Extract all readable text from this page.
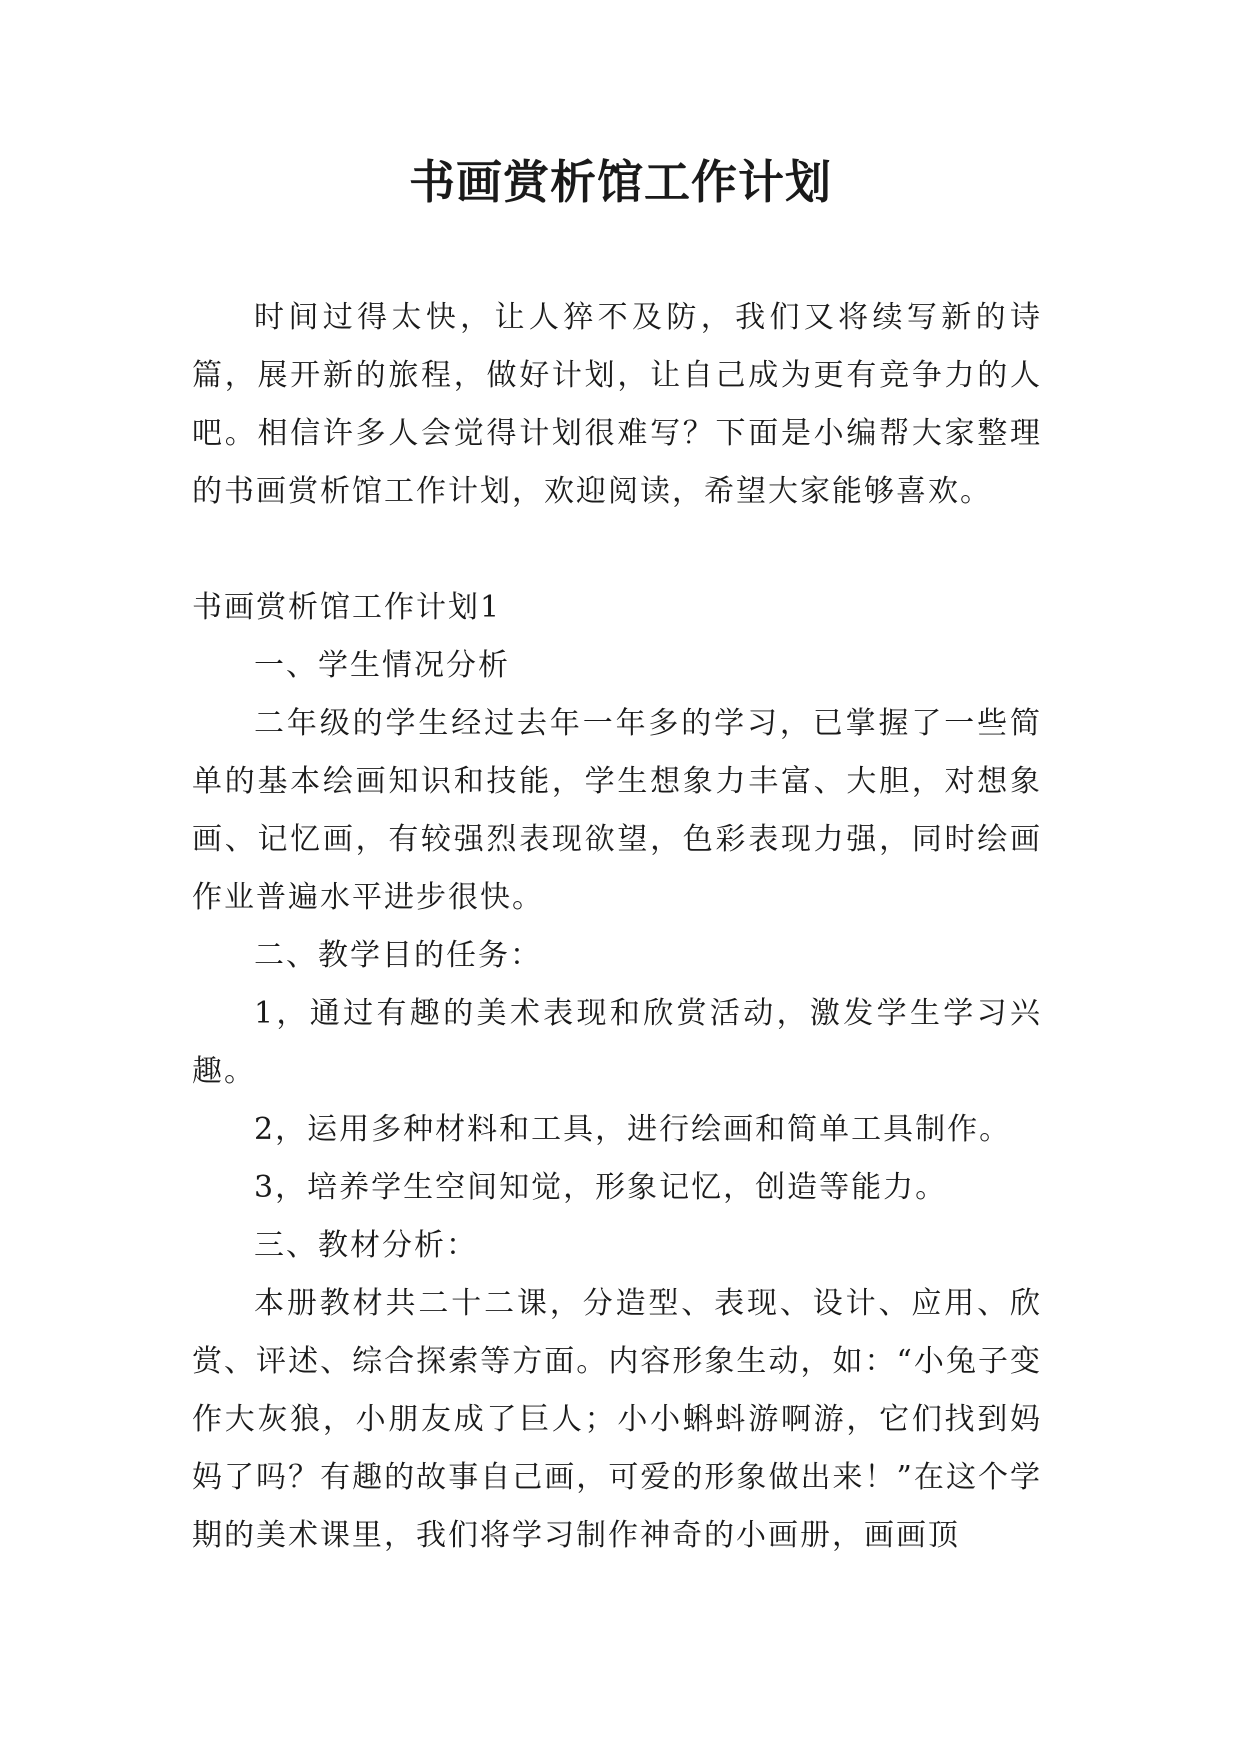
书画赏析馆工作计划

时间过得太快，让人猝不及防，我们又将续写新的诗篇，展开新的旅程，做好计划，让自己成为更有竞争力的人吧。相信许多人会觉得计划很难写？下面是小编帮大家整理的书画赏析馆工作计划，欢迎阅读，希望大家能够喜欢。

书画赏析馆工作计划1

一、学生情况分析

二年级的学生经过去年一年多的学习，已掌握了一些简单的基本绘画知识和技能，学生想象力丰富、大胆，对想象画、记忆画，有较强烈表现欲望，色彩表现力强，同时绘画作业普遍水平进步很快。

二、教学目的任务：

1，通过有趣的美术表现和欣赏活动，激发学生学习兴趣。

2，运用多种材料和工具，进行绘画和简单工具制作。

3，培养学生空间知觉，形象记忆，创造等能力。

三、教材分析：

本册教材共二十二课，分造型、表现、设计、应用、欣赏、评述、综合探索等方面。内容形象生动，如：“小兔子变作大灰狼，小朋友成了巨人；小小蝌蚪游啊游，它们找到妈妈了吗？有趣的故事自己画，可爱的形象做出来！”在这个学期的美术课里，我们将学习制作神奇的小画册，画画顶
